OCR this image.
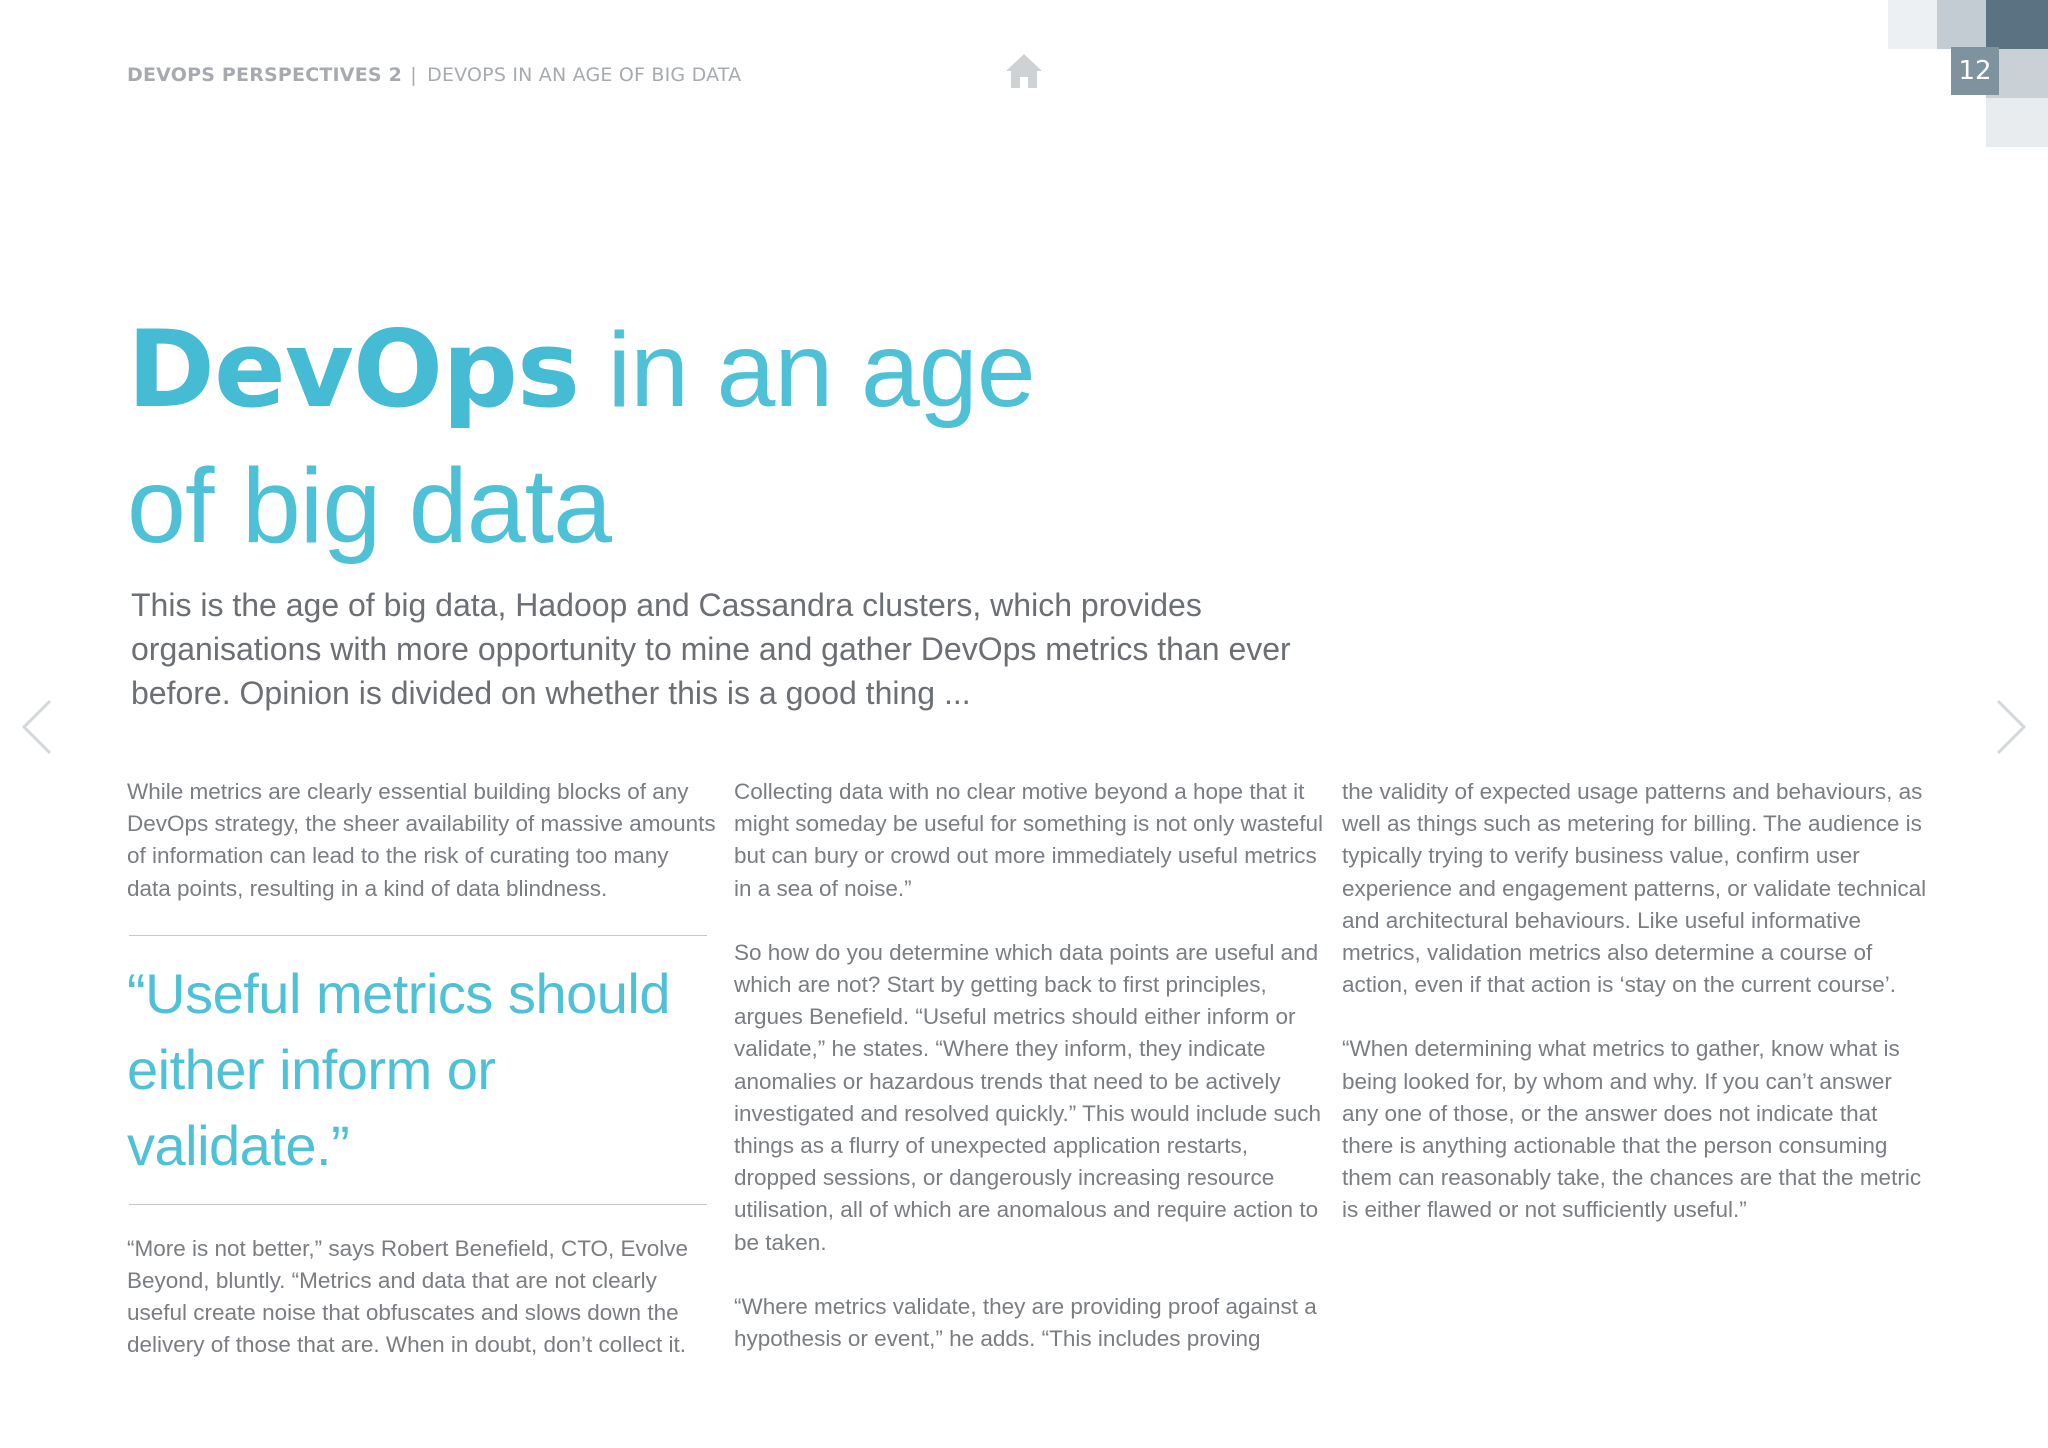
DEVOPS PERSPECTIVES 2 | DEVOPS IN AN AGE OF BIG DATA	12
DevOps in an age
of big data

This is the age of big data, Hadoop and Cassandra clusters, which provides organisations with more opportunity to mine and gather DevOps metrics than ever before. Opinion is divided on whether this is a good thing ...

While metrics are clearly essential building blocks of any DevOps strategy, the sheer availability of massive amounts of information can lead to the risk of curating too many data points, resulting in a kind of data blindness.

“Useful metrics should either inform or validate.”

“More is not better,” says Robert Benefield, CTO, Evolve Beyond, bluntly. “Metrics and data that are not clearly useful create noise that obfuscates and slows down the delivery of those that are. When in doubt, don’t collect it.

Collecting data with no clear motive beyond a hope that it might someday be useful for something is not only wasteful but can bury or crowd out more immediately useful metrics in a sea of noise.”

So how do you determine which data points are useful and which are not? Start by getting back to first principles, argues Benefield. “Useful metrics should either inform or validate,” he states. “Where they inform, they indicate anomalies or hazardous trends that need to be actively investigated and resolved quickly.” This would include such things as a flurry of unexpected application restarts, dropped sessions, or dangerously increasing resource utilisation, all of which are anomalous and require action to be taken.

“Where metrics validate, they are providing proof against a hypothesis or event,” he adds. “This includes proving

the validity of expected usage patterns and behaviours, as well as things such as metering for billing. The audience is typically trying to verify business value, confirm user experience and engagement patterns, or validate technical and architectural behaviours. Like useful informative metrics, validation metrics also determine a course of action, even if that action is ‘stay on the current course’.

“When determining what metrics to gather, know what is being looked for, by whom and why. If you can’t answer any one of those, or the answer does not indicate that there is anything actionable that the person consuming them can reasonably take, the chances are that the metric is either flawed or not sufficiently useful.”
